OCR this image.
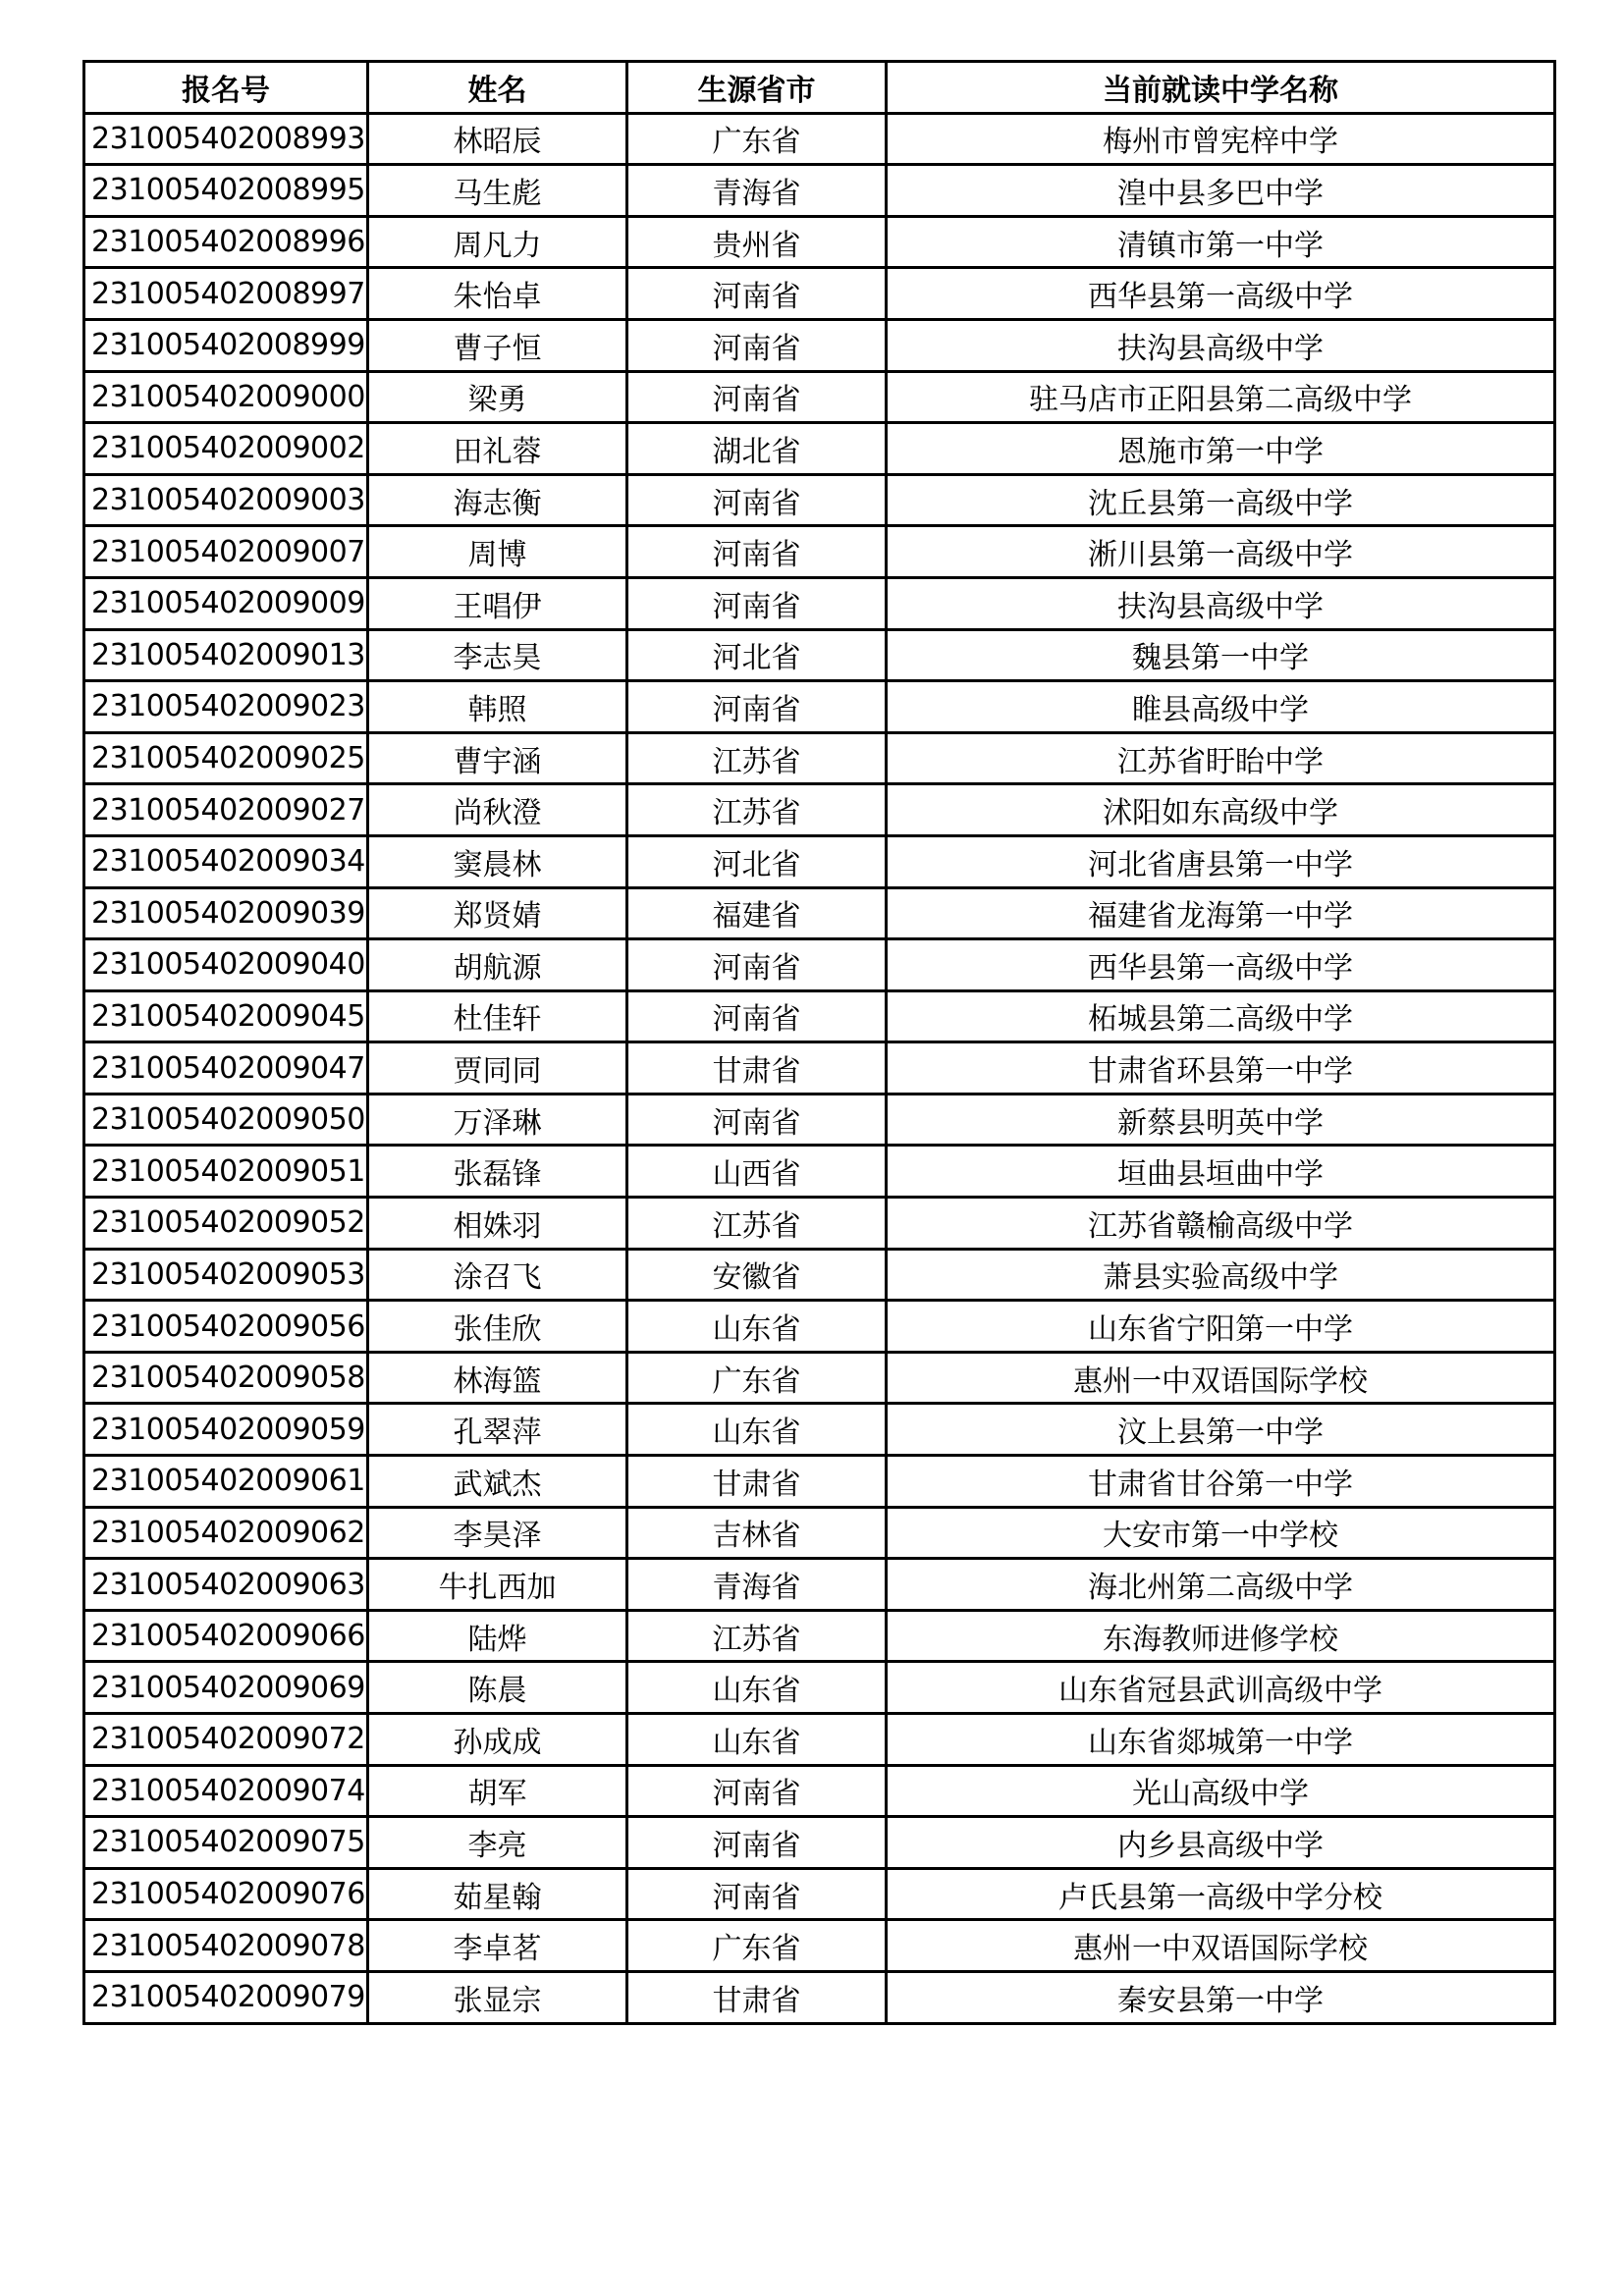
报名号	姓名	生源省市	当前就读中学名称
231005402008993	林昭辰	广东省	梅州市曾宪梓中学
231005402008995	马生彪	青海省	湟中县多巴中学
231005402008996	周凡力	贵州省	清镇市第一中学
231005402008997	朱怡卓	河南省	西华县第一高级中学
231005402008999	曹子恒	河南省	扶沟县高级中学
231005402009000	梁勇	河南省	驻马店市正阳县第二高级中学
231005402009002	田礼蓉	湖北省	恩施市第一中学
231005402009003	海志衡	河南省	沈丘县第一高级中学
231005402009007	周博	河南省	淅川县第一高级中学
231005402009009	王唱伊	河南省	扶沟县高级中学
231005402009013	李志昊	河北省	魏县第一中学
231005402009023	韩照	河南省	睢县高级中学
231005402009025	曹宇涵	江苏省	江苏省盱眙中学
231005402009027	尚秋澄	江苏省	沭阳如东高级中学
231005402009034	窦晨林	河北省	河北省唐县第一中学
231005402009039	郑贤婧	福建省	福建省龙海第一中学
231005402009040	胡航源	河南省	西华县第一高级中学
231005402009045	杜佳轩	河南省	柘城县第二高级中学
231005402009047	贾同同	甘肃省	甘肃省环县第一中学
231005402009050	万泽琳	河南省	新蔡县明英中学
231005402009051	张磊锋	山西省	垣曲县垣曲中学
231005402009052	相姝羽	江苏省	江苏省赣榆高级中学
231005402009053	涂召飞	安徽省	萧县实验高级中学
231005402009056	张佳欣	山东省	山东省宁阳第一中学
231005402009058	林海篮	广东省	惠州一中双语国际学校
231005402009059	孔翠萍	山东省	汶上县第一中学
231005402009061	武斌杰	甘肃省	甘肃省甘谷第一中学
231005402009062	李昊泽	吉林省	大安市第一中学校
231005402009063	牛扎西加	青海省	海北州第二高级中学
231005402009066	陆烨	江苏省	东海教师进修学校
231005402009069	陈晨	山东省	山东省冠县武训高级中学
231005402009072	孙成成	山东省	山东省郯城第一中学
231005402009074	胡军	河南省	光山高级中学
231005402009075	李亮	河南省	内乡县高级中学
231005402009076	茹星翰	河南省	卢氏县第一高级中学分校
231005402009078	李卓茗	广东省	惠州一中双语国际学校
231005402009079	张显宗	甘肃省	秦安县第一中学
